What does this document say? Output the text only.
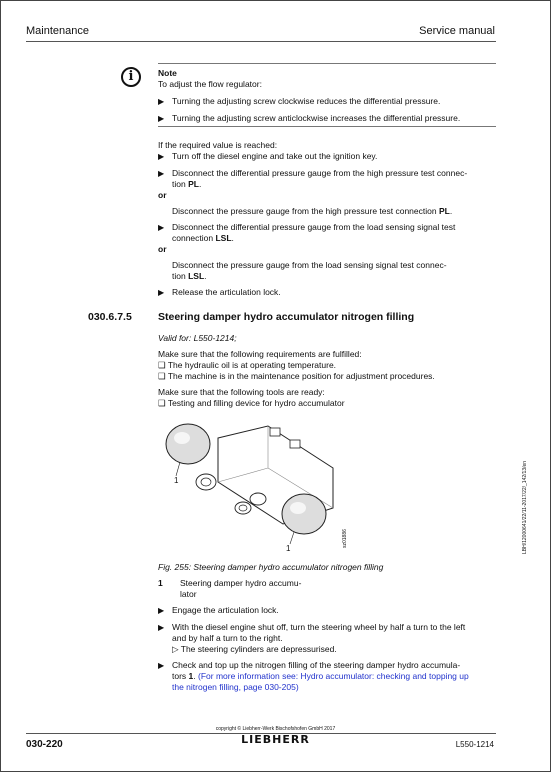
Maintenance	Service manual
i	Note
To adjust the flow regulator:
▶ Turning the adjusting screw clockwise reduces the differential pressure.
▶ Turning the adjusting screw anticlockwise increases the differential pressure.
If the required value is reached:
▶ Turn off the diesel engine and take out the ignition key.
▶ Disconnect the differential pressure gauge from the high pressure test connec-
tion PL.
or
Disconnect the pressure gauge from the high pressure test connection PL.
▶ Disconnect the differential pressure gauge from the load sensing signal test
connection LSL.
or
Disconnect the pressure gauge from the load sensing signal test connec-
tion LSL.
▶ Release the articulation lock.
030.6.7.5 Steering damper hydro accumulator nitrogen filling
Valid for: L550-1214;
Make sure that the following requirements are fulfilled:
❑ The hydraulic oil is at operating temperature.
❑ The machine is in the maintenance position for adjustment procedures.
Make sure that the following tools are ready:
❑ Testing and filling device for hydro accumulator
1
1
sz01886
Fig. 255: Steering damper hydro accumulator nitrogen filling
1 Steering damper hydro accumu-
lator
▶ Engage the articulation lock.
▶ With the diesel engine shut off, turn the steering wheel by half a turn to the left
and by half a turn to the right.
▷ The steering cylinders are depressurised.
▶ Check and top up the nitrogen filling of the steering damper hydro accumula-
tors 1. (For more information see: Hydro accumulator: checking and topping up
the nitrogen filling, page 030-205)
LBH/12000641/22/11-2017/22/_142/13/en
copyright © Liebherr-Werk Bischofshofen GmbH 2017
030-220	LIEBHERR	L550-1214
